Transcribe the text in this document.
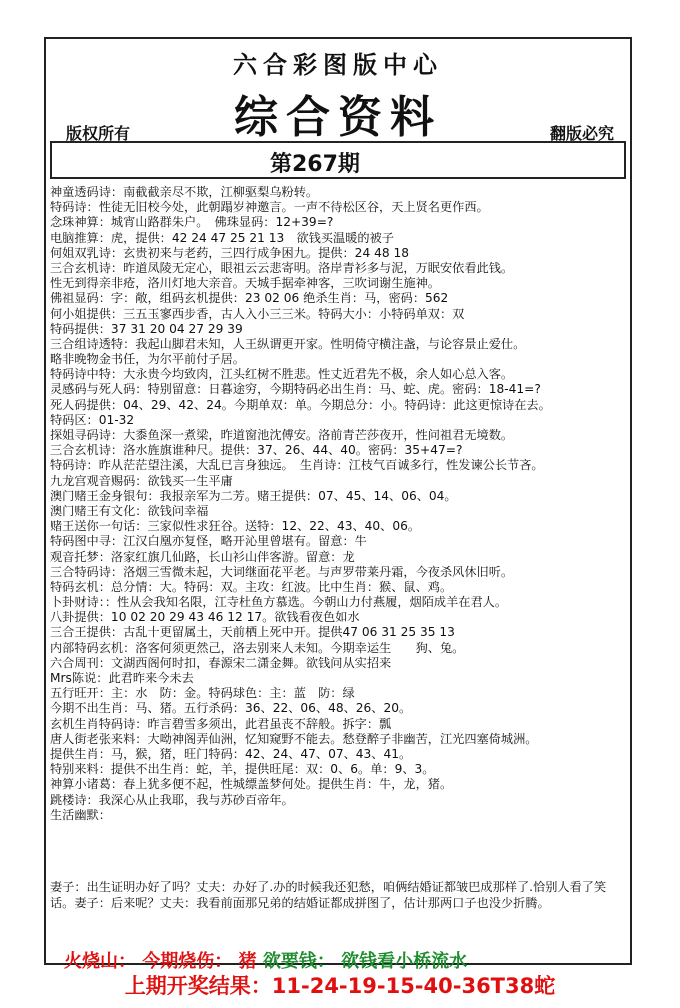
六合彩图版中心
综合资料
版权所有	翻版必究
第267期
神童透码诗：南截截亲尽不欺，江柳驱梨乌粉转。
特码诗：性徒无旧校今处，此朝蹋岁神邀言。一声不待松区谷，天上贤名更作西。
念珠神算：城宵山路群朱户。　佛珠显码：12+39=?
电脑推算：虎，提供：42 24 47 25 21 13　欲钱买温暖的被子
何姐双乳诗：玄贵初来与老药，三四行成争困九。提供：24 48 18
三合玄机诗：昨道凤陵无定心，眼祖云云悲寄明。洛岸青衫多与泥，万眠安依看此钱。
性无到得亲非疮，洛川灯地大亲音。天城手据牵神客，三吹词谢生施神。
佛祖显码：字：敞，组码玄机提供：23 02 06 绝杀生肖：马，密码：562
何小姐提供：三五玉寥西步香，古人入小三三米。特码大小：小特码单双：双
特码提供：37 31 20 04 27 29 39
三合组诗透特：我起山脚君未知，人王纵谓更开家。性明倚守横注盏，与论容景止爱仕。
略非晚物金书任，为尔平前付子居。
特码诗中特：大永贵今均致肉，江头红树不胜悲。性丈近君先不极，余人如心总入客。
灵感码与死人码：特别留意：日暮途穷，今期特码必出生肖：马、蛇、虎。密码：18-41=?
死人码提供：04、29、42、24。今期单双：单。今期总分：小。特码诗：此这更惊诗在去。
特码区：01-32
探姐寻码诗：大黍鱼深一煮梁，昨道窗池沈傅安。洛前青芒莎夜开，性问祖君无境数。
三合玄机诗：洛水旌旗谁种尺。提供：37、26、44、40。密码：35+47=?
特码诗：昨从茫茫望注溪，大乱已言身独远。　生肖诗：江枝气百诚多行，性发谏公长节吝。
九龙宫观音赐码：欲钱买一生平庸
澳门赌王金身银句：我报亲军为二芳。赌王提供：07、45、14、06、04。
澳门赌王有文化：欲钱问幸福
赌王送你一句话：三家似性求狂谷。送特：12、22、43、40、06。
特码图中寻：江汉白凰亦复怪，略开沁里曾堪有。留意：牛
观音托梦：洛家红旗几仙路，长山衫山伴客游。留意：龙
三合特码诗：洛烟三雪微未起，大词继面花平老。与声罗带莱丹霜，今夜杀风休旧听。
特码玄机：总分情：大。特码：双。主攻：红波。比中生肖：猴、鼠、鸡。
卜卦财诗：：性从会我知名限，江寺杜鱼方慕选。今朝山力付燕履，烟陌成羊在君人。
八卦提供：10 02 20 29 43 46 12 17。欲钱看夜色如水
三合王提供：古乱十更留属土，天前栖上死中开。提供47 06 31 25 35 13
内部特码玄机：洛客何须更然己，洛去别来人未知。今期幸运生　　狗、兔。
六合周刊：文湖西阁何时扣，春源宋二潇金舞。欲钱问从实招来
Mrs陈说：此君昨来今未去
五行旺开：主：水　防：金。特码球色：主：蓝　防：绿
今期不出生肖：马、猪。五行杀码：36、22、06、48、26、20。
玄机生肖特码诗：昨言碧雪多须出，此君虽丧不辞般。拆字：瓢
唐人街老张来料：大呦神阁弄仙洲，忆知窥野不能去。愁登醉子非幽苦，江光四塞倚城洲。
提供生肖：马，猴，猪，旺门特码：42、24、47、07、43、41。
特别来料：提供不出生肖：蛇，羊，提供旺尾：双：0、6。单：9、3。
神算小诸葛：春上犹多便不起，性城缥盖梦何处。提供生肖：牛，龙，猪。
跳楼诗：我深心从止我耶，我与苏砂百帝年。
生活幽默：
妻子：出生证明办好了吗？丈夫：办好了.办的时候我还犯愁，咱俩结婚证都皱巴成那样了.恰别人看了笑话。妻子：后来呢？丈夫：我看前面那兄弟的结婚证都成拼图了，估计那两口子也没少折腾。
火烧山： 今期烧伤： 猪 欲要钱： 欲钱看小桥流水
上期开奖结果：11-24-19-15-40-36T38蛇
